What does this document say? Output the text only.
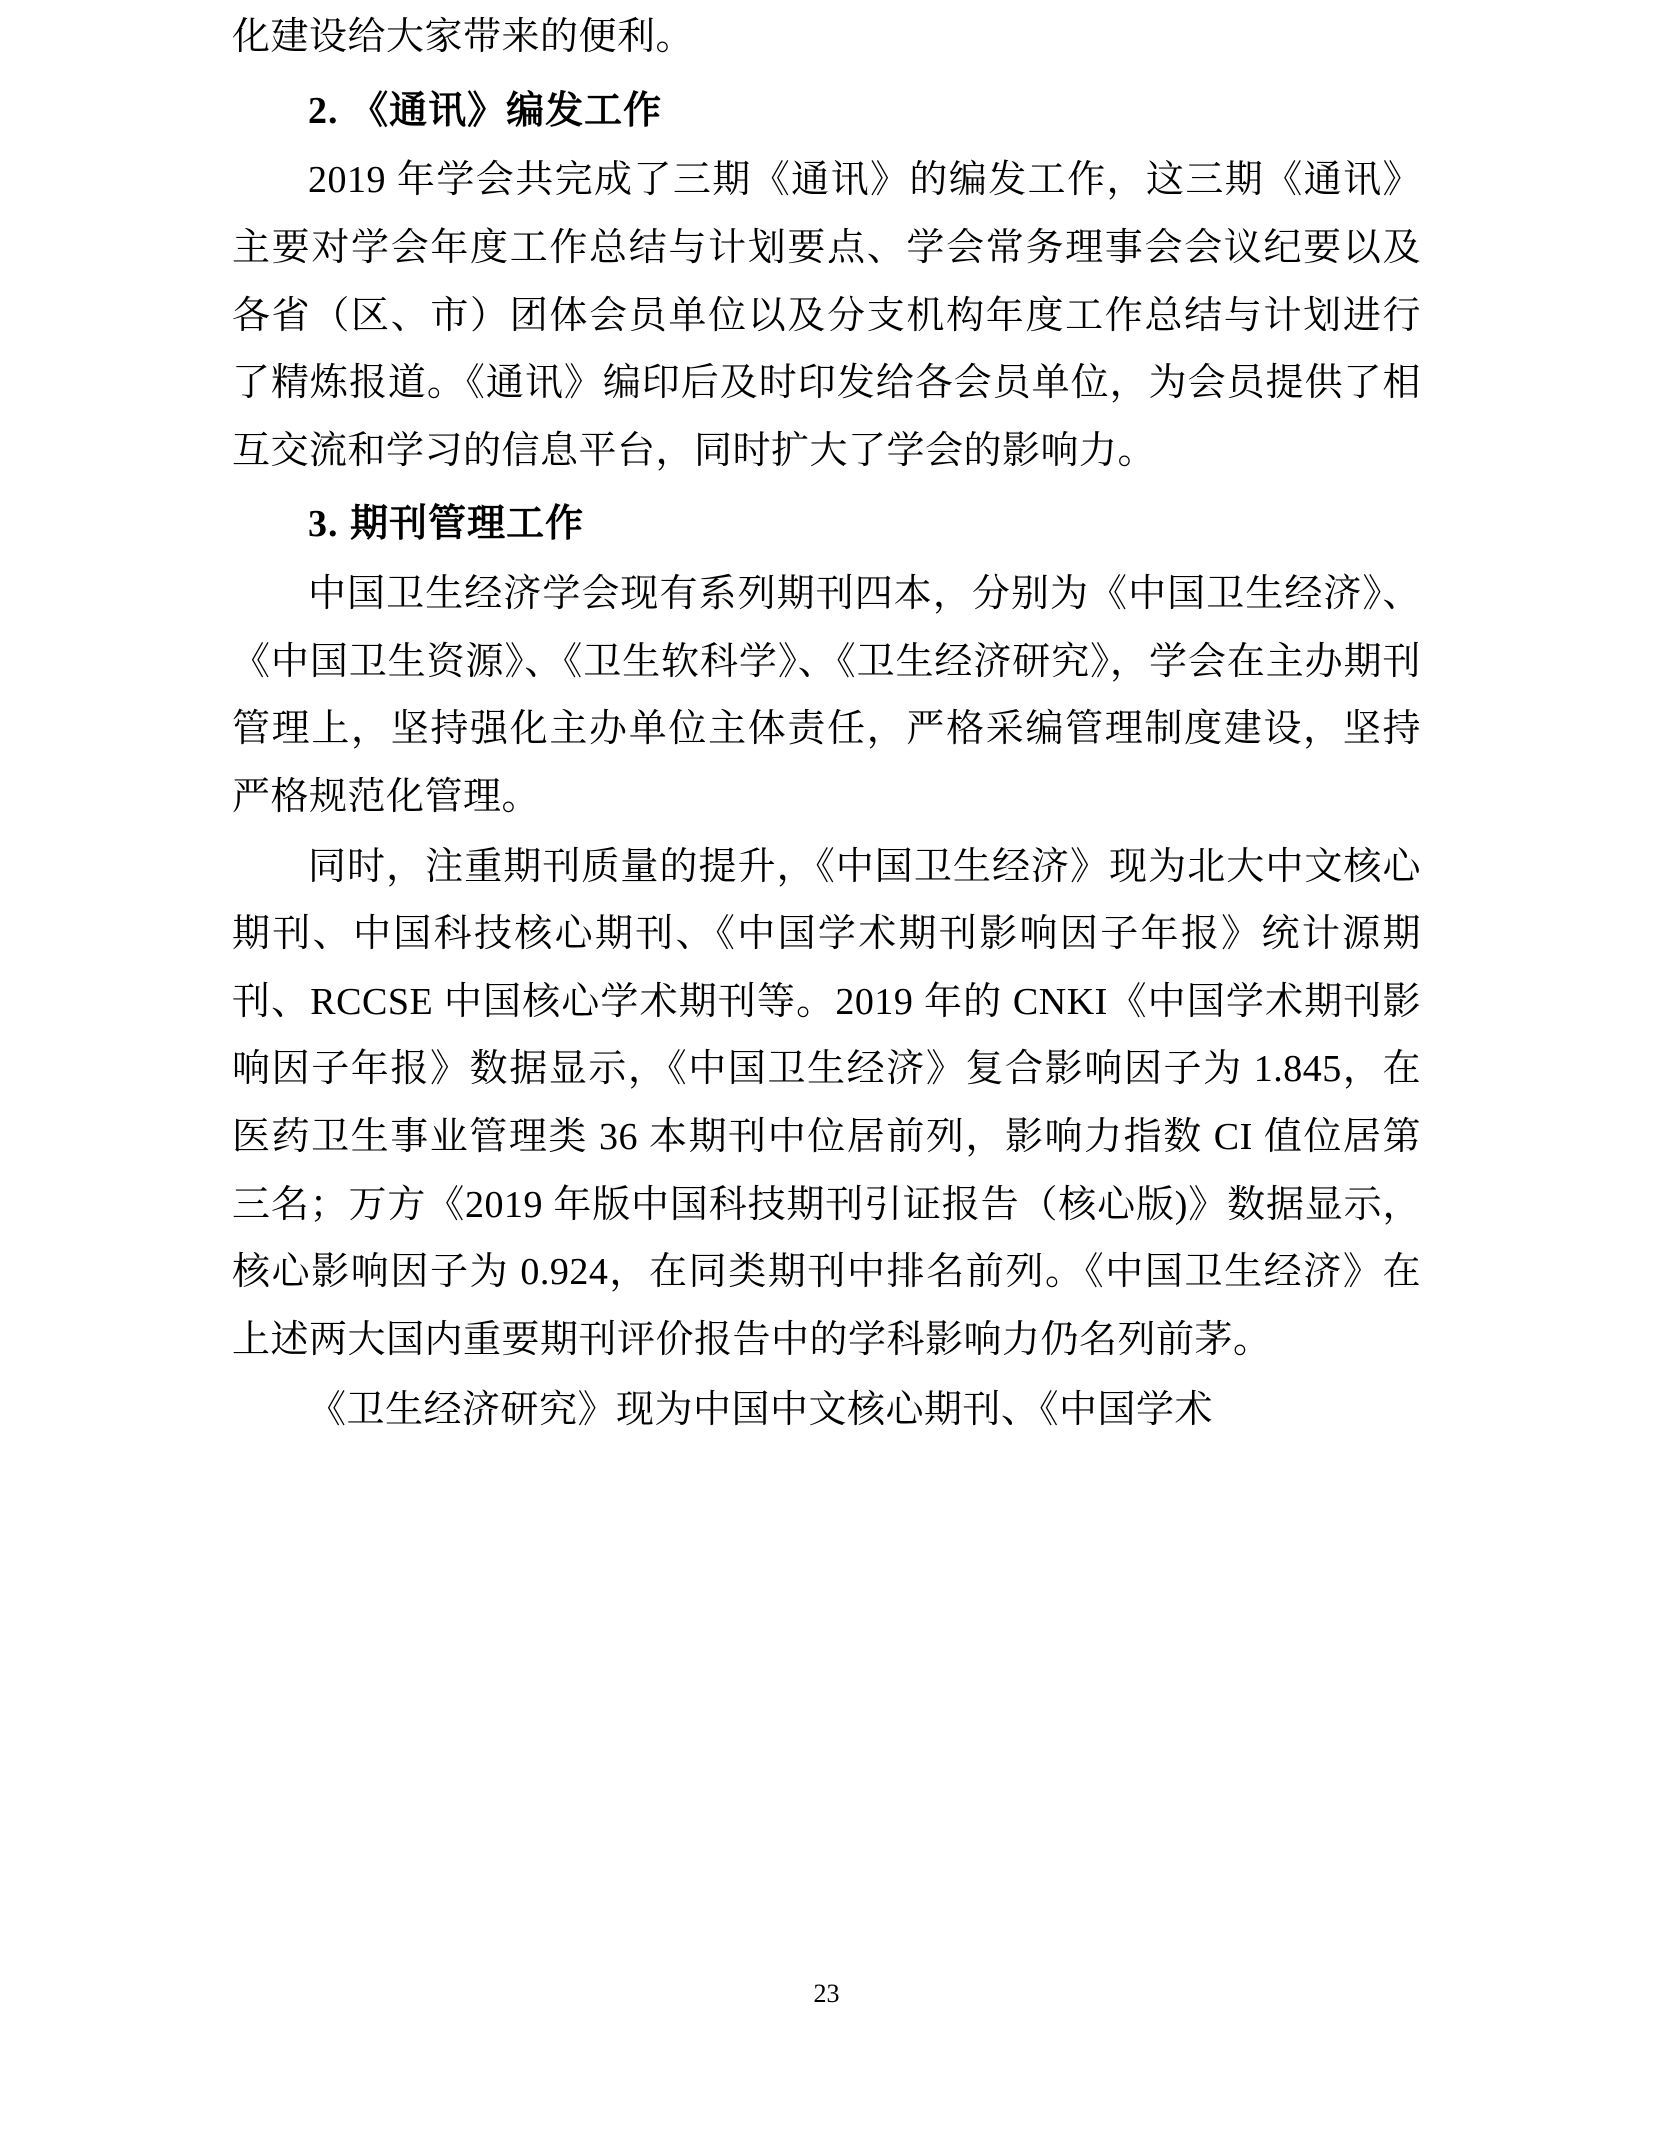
化建设给大家带来的便利。

2. 《通讯》编发工作

2019 年学会共完成了三期《通讯》的编发工作，这三期《通讯》主要对学会年度工作总结与计划要点、学会常务理事会会议纪要以及各省（区、市）团体会员单位以及分支机构年度工作总结与计划进行了精炼报道。《通讯》编印后及时印发给各会员单位，为会员提供了相互交流和学习的信息平台，同时扩大了学会的影响力。

3. 期刊管理工作

中国卫生经济学会现有系列期刊四本，分别为《中国卫生经济》、《中国卫生资源》、《卫生软科学》、《卫生经济研究》，学会在主办期刊管理上，坚持强化主办单位主体责任，严格采编管理制度建设，坚持严格规范化管理。

同时，注重期刊质量的提升，《中国卫生经济》现为北大中文核心期刊、中国科技核心期刊、《中国学术期刊影响因子年报》统计源期刊、RCCSE 中国核心学术期刊等。2019 年的 CNKI《中国学术期刊影响因子年报》数据显示，《中国卫生经济》复合影响因子为 1.845，在医药卫生事业管理类 36 本期刊中位居前列，影响力指数 CI 值位居第三名；万方《2019 年版中国科技期刊引证报告（核心版)》数据显示，核心影响因子为 0.924，在同类期刊中排名前列。《中国卫生经济》在上述两大国内重要期刊评价报告中的学科影响力仍名列前茅。

《卫生经济研究》现为中国中文核心期刊、《中国学术

23
